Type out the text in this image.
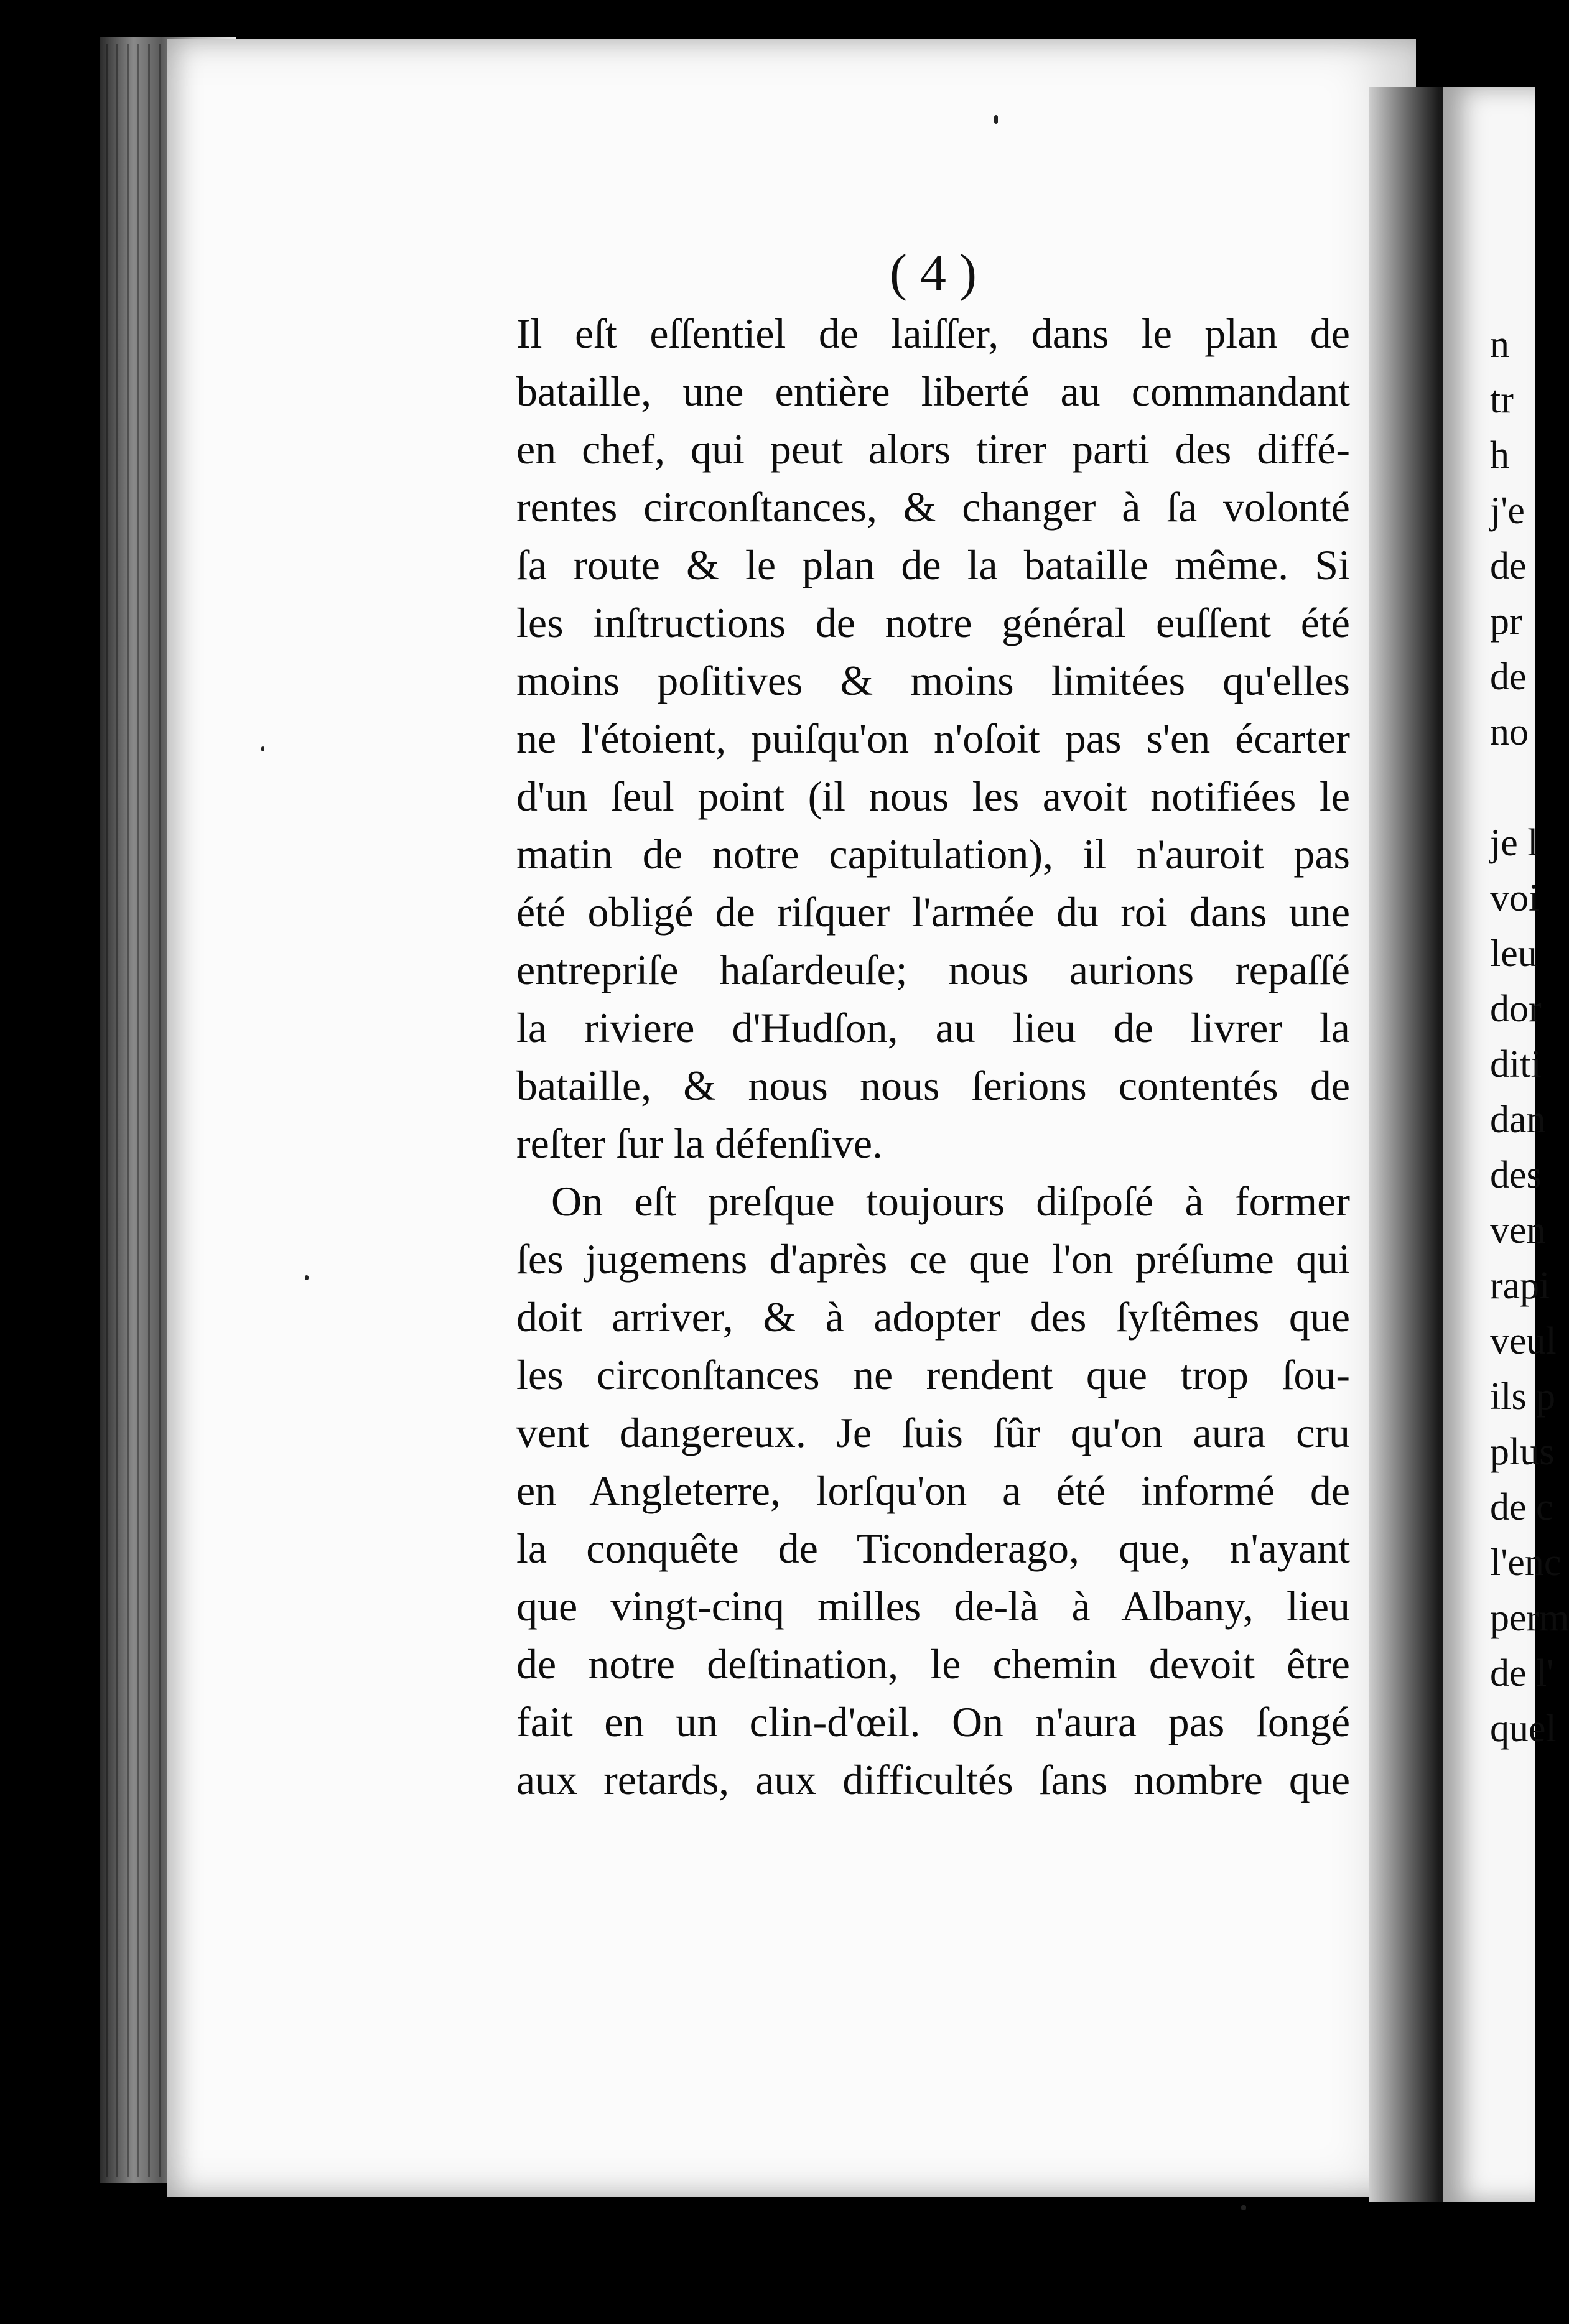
( 4 )
Il eſt eſſentiel de laiſſer, dans le plan de
bataille, une entière liberté au commandant
en chef, qui peut alors tirer parti des diffé-
rentes circonſtances, & changer à ſa volonté
ſa route & le plan de la bataille même. Si
les inſtructions de notre général euſſent été
moins poſitives & moins limitées qu'elles
ne l'étoient, puiſqu'on n'oſoit pas s'en écarter
d'un ſeul point (il nous les avoit notifiées le
matin de notre capitulation), il n'auroit pas
été obligé de riſquer l'armée du roi dans une
entrepriſe haſardeuſe; nous aurions repaſſé
la riviere d'Hudſon, au lieu de livrer la
bataille, & nous nous ſerions contentés de
reſter ſur la défenſive.
On eſt preſque toujours diſpoſé à former
ſes jugemens d'après ce que l'on préſume qui
doit arriver, & à adopter des ſyſtêmes que
les circonſtances ne rendent que trop ſou-
vent dangereux. Je ſuis ſûr qu'on aura cru
en Angleterre, lorſqu'on a été informé de
la conquête de Ticonderago, que, n'ayant
que vingt-cinq milles de-là à Albany, lieu
de notre deſtination, le chemin devoit être
fait en un clin-d'œil. On n'aura pas ſongé
aux retards, aux difficultés ſans nombre que
n
tr
h
j'e
de
pr
de
no

je l
voi
leu
dor
diti
dan
des
ven
rapi
veul
ils p
plus
de c
l'enc
perm
de l'
quel
